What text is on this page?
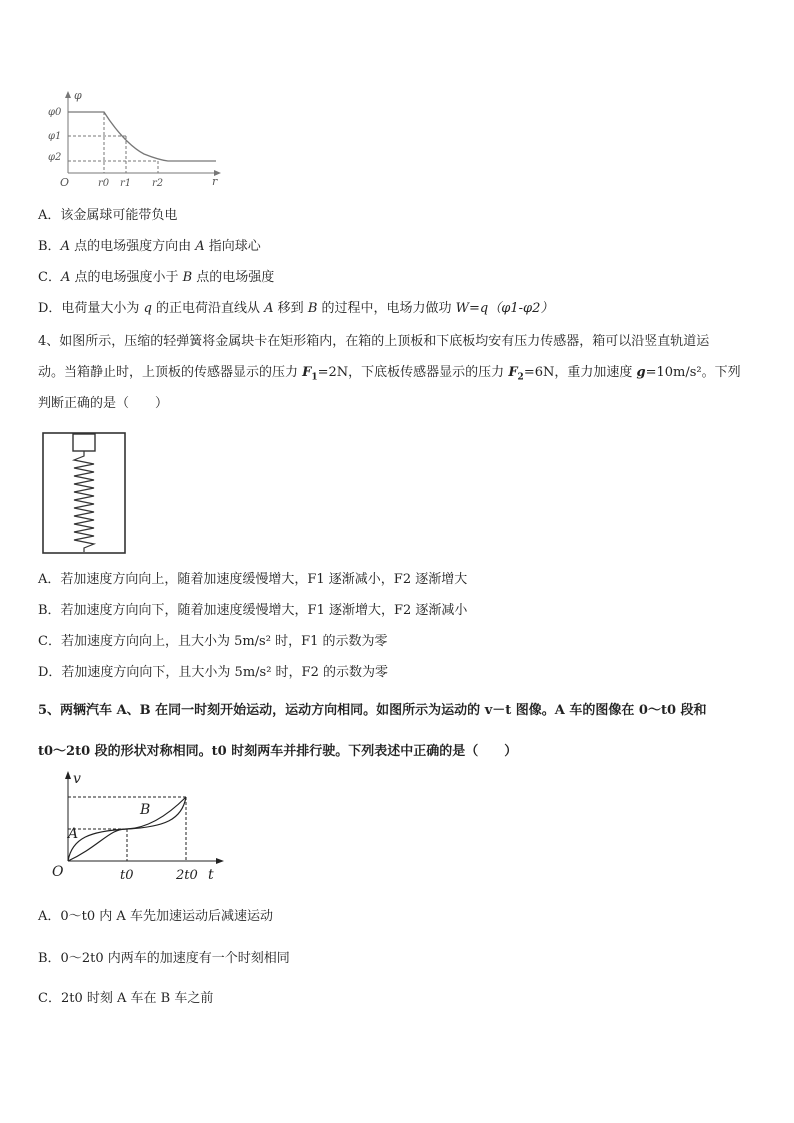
φ
r
O
φ0
φ1
φ2
r0 r1 r2
A．该金属球可能带负电
B．A 点的电场强度方向由 A 指向球心
C．A 点的电场强度小于 B 点的电场强度
D．电荷量大小为 q 的正电荷沿直线从 A 移到 B 的过程中，电场力做功 W=q（φ1-φ2）
4、如图所示，压缩的轻弹簧将金属块卡在矩形箱内，在箱的上顶板和下底板均安有压力传感器，箱可以沿竖直轨道运
动。当箱静止时，上顶板的传感器显示的压力 $F_1=2N$，下底板传感器显示的压力 $F_2=6N$，重力加速度 g=10m/s²。下列
判断正确的是（　　）
A．若加速度方向向上，随着加速度缓慢增大，F1 逐渐减小，F2 逐渐增大
B．若加速度方向向下，随着加速度缓慢增大，F1 逐渐增大，F2 逐渐减小
C．若加速度方向向上，且大小为 5m/s² 时，F1 的示数为零
D．若加速度方向向下，且大小为 5m/s² 时，F2 的示数为零
5、两辆汽车 A、B 在同一时刻开始运动，运动方向相同。如图所示为运动的 v－t 图像。A 车的图像在 0～t0 段和
t0～2t0 段的形状对称相同。t0 时刻两车并排行驶。下列表述中正确的是（　　）
v
t
O	t0	2t0
A
B
A．0～t0 内 A 车先加速运动后减速运动
B．0～2t0 内两车的加速度有一个时刻相同
C．2t0 时刻 A 车在 B 车之前
